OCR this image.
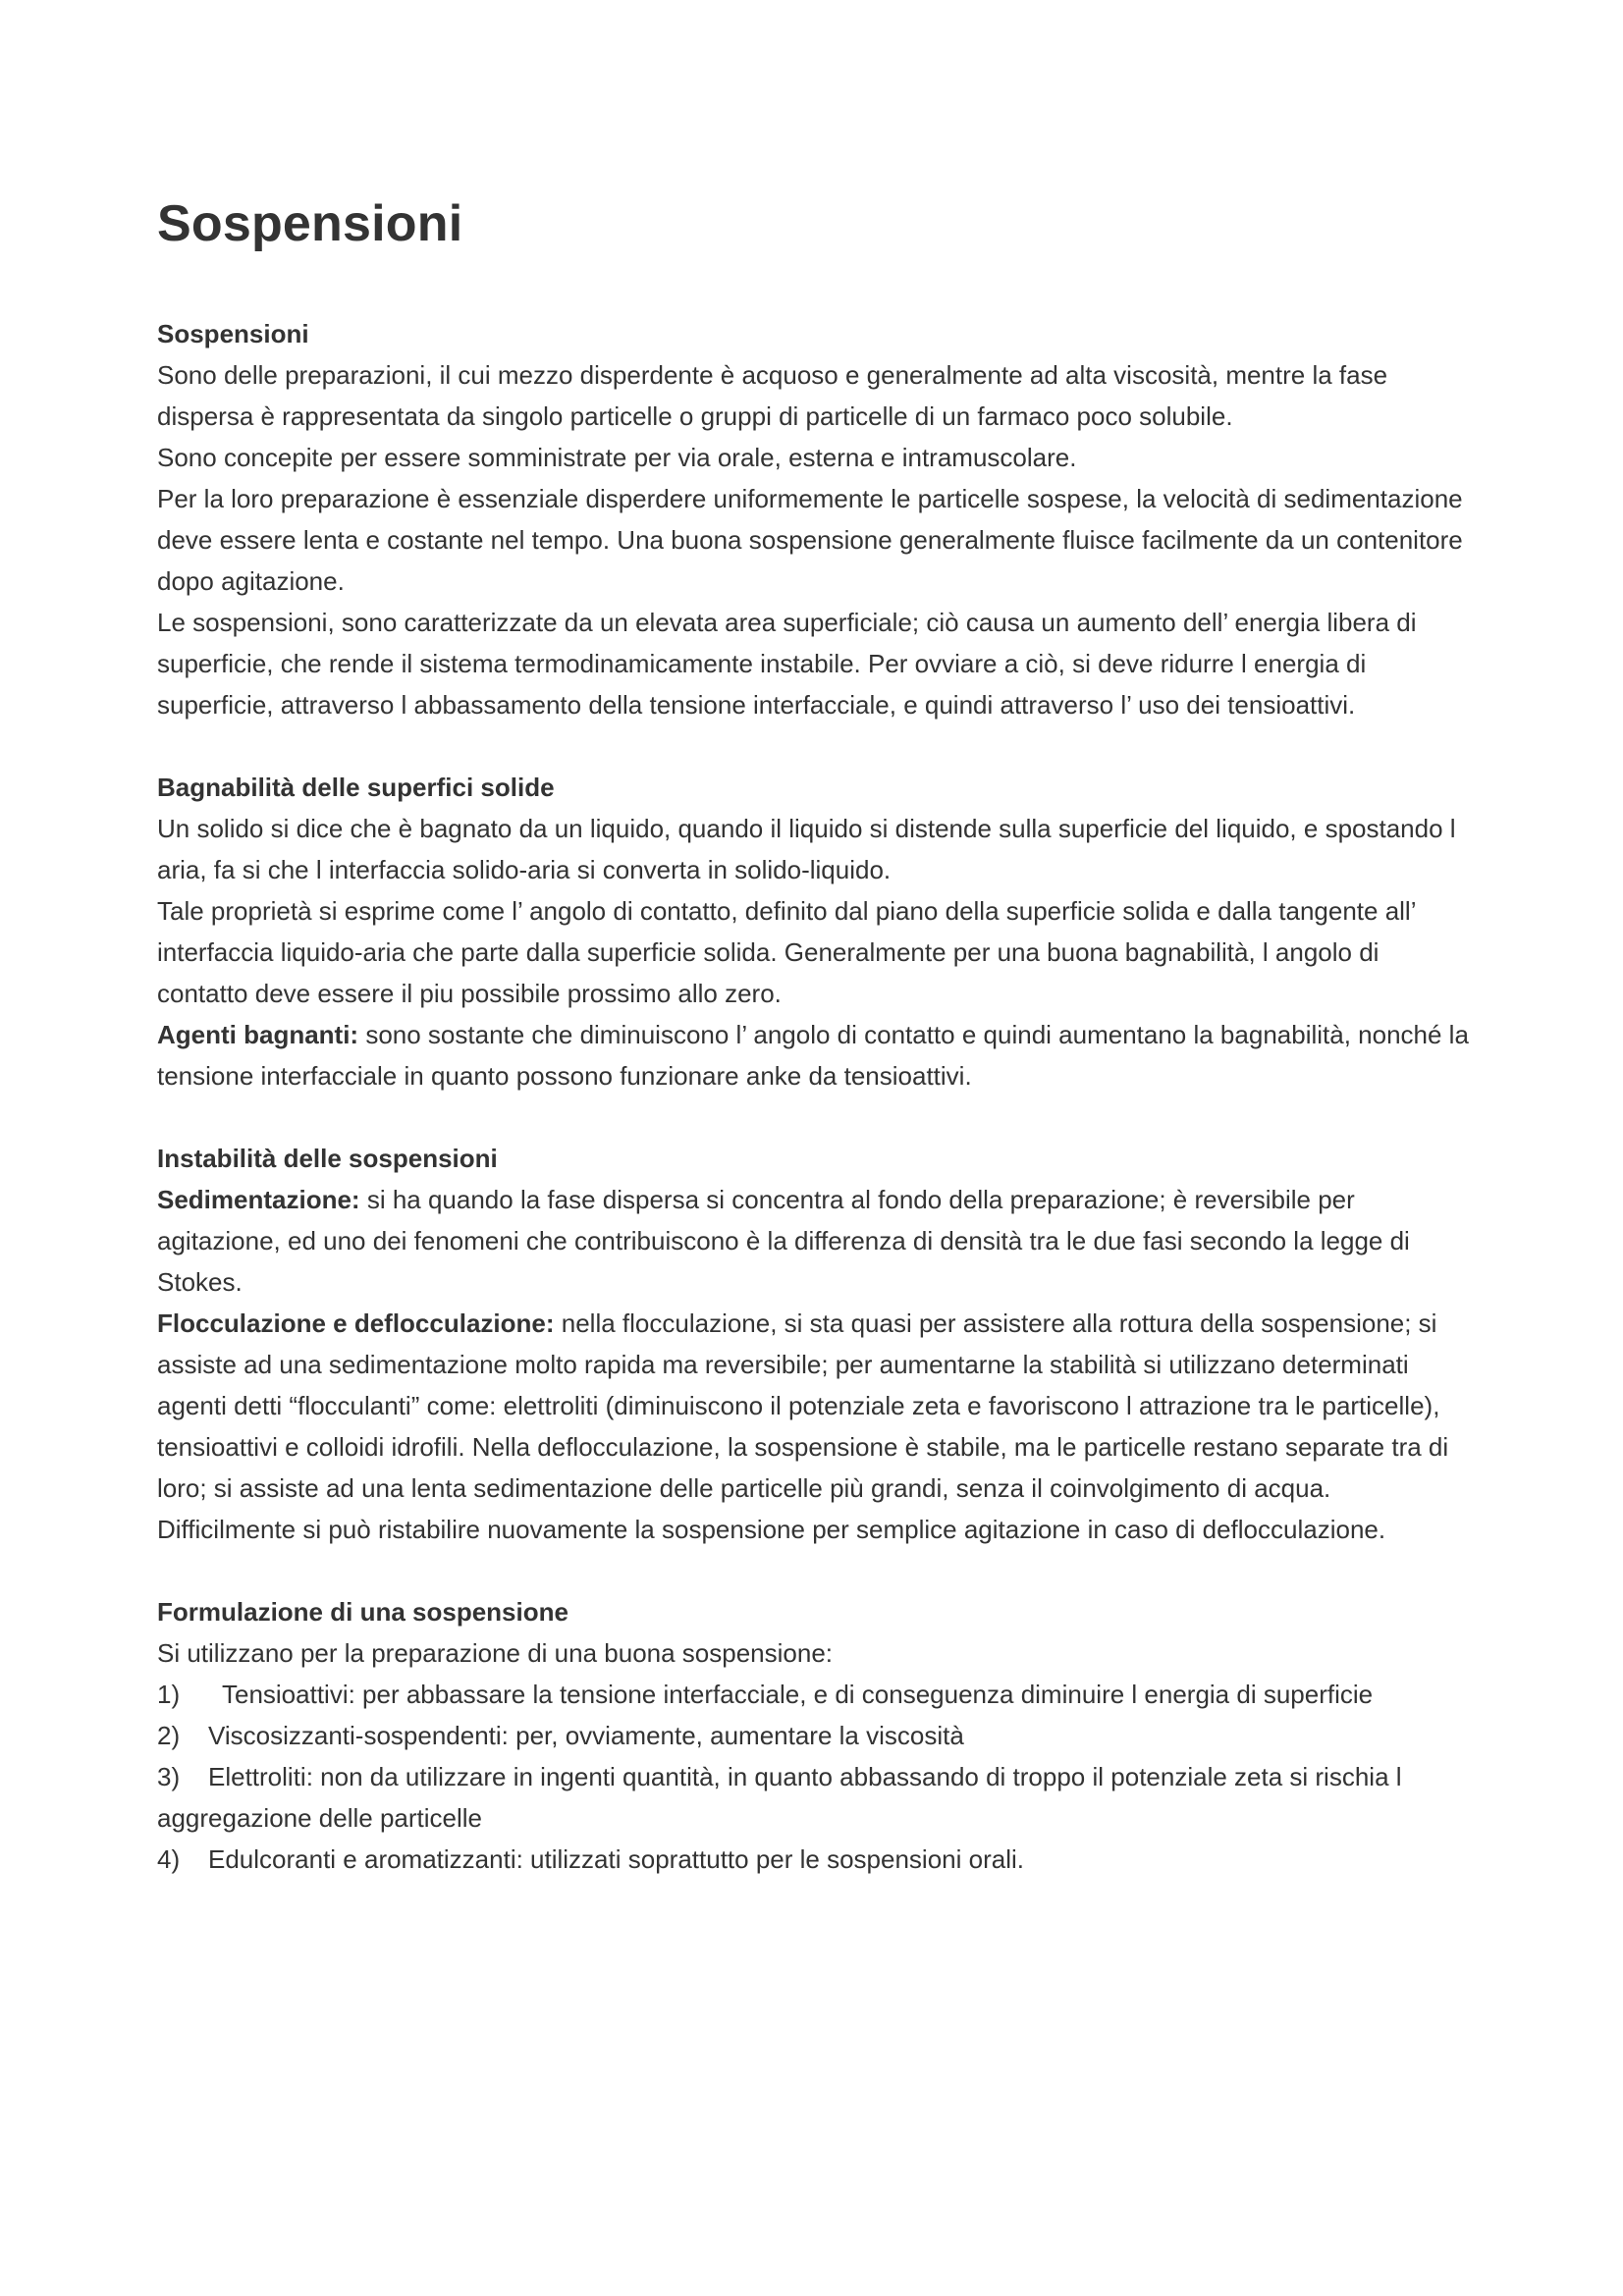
Sospensioni

Sospensioni

Sono delle preparazioni, il cui mezzo disperdente è acquoso e generalmente ad alta viscosità, mentre la fase dispersa è rappresentata da singolo particelle o gruppi di particelle di un farmaco poco solubile.

Sono concepite per essere somministrate per via orale, esterna e intramuscolare.

Per la loro preparazione è essenziale disperdere uniformemente le particelle sospese, la velocità di sedimentazione deve essere lenta e costante nel tempo. Una buona sospensione generalmente fluisce facilmente da un contenitore dopo agitazione.

Le sospensioni, sono caratterizzate da un elevata area superficiale; ciò causa un aumento dell’ energia libera di superficie, che rende il sistema termodinamicamente instabile. Per ovviare a ciò, si deve ridurre l energia di superficie, attraverso l abbassamento della tensione interfacciale, e quindi attraverso l’ uso dei tensioattivi.

Bagnabilità delle superfici solide

Un solido si dice che è bagnato da un liquido, quando il liquido si distende sulla superficie del liquido, e spostando l aria, fa si che l interfaccia solido-aria si converta in solido-liquido.

Tale proprietà si esprime come l’ angolo di contatto, definito dal piano della superficie solida e dalla tangente all’ interfaccia liquido-aria che parte dalla superficie solida. Generalmente per una buona bagnabilità, l angolo di contatto deve essere il piu possibile prossimo allo zero.

Agenti bagnanti: sono sostante che diminuiscono l’ angolo di contatto e quindi aumentano la bagnabilità, nonché la tensione interfacciale in quanto possono funzionare anke da tensioattivi.

Instabilità delle sospensioni

Sedimentazione: si ha quando la fase dispersa si concentra al fondo della preparazione; è reversibile per agitazione, ed uno dei fenomeni che contribuiscono è la differenza di densità tra le due fasi secondo la legge di Stokes.

Flocculazione e deflocculazione: nella flocculazione, si sta quasi per assistere alla rottura della sospensione; si assiste ad una sedimentazione molto rapida ma reversibile; per aumentarne la stabilità si utilizzano determinati agenti detti “flocculanti” come: elettroliti (diminuiscono il potenziale zeta e favoriscono l attrazione tra le particelle), tensioattivi e colloidi idrofili. Nella deflocculazione, la sospensione è stabile, ma le particelle restano separate tra di loro; si assiste ad una lenta sedimentazione delle particelle più grandi, senza il coinvolgimento di acqua. Difficilmente si può ristabilire nuovamente la sospensione per semplice agitazione in caso di deflocculazione.

Formulazione di una sospensione

Si utilizzano per la preparazione di una buona sospensione:

1)  Tensioattivi: per abbassare la tensione interfacciale, e di conseguenza diminuire l energia di superficie

2) Viscosizzanti-sospendenti: per, ovviamente, aumentare la viscosità

3) Elettroliti: non da utilizzare in ingenti quantità, in quanto abbassando di troppo il potenziale zeta si rischia l aggregazione delle particelle

4) Edulcoranti e aromatizzanti: utilizzati soprattutto per le sospensioni orali.
